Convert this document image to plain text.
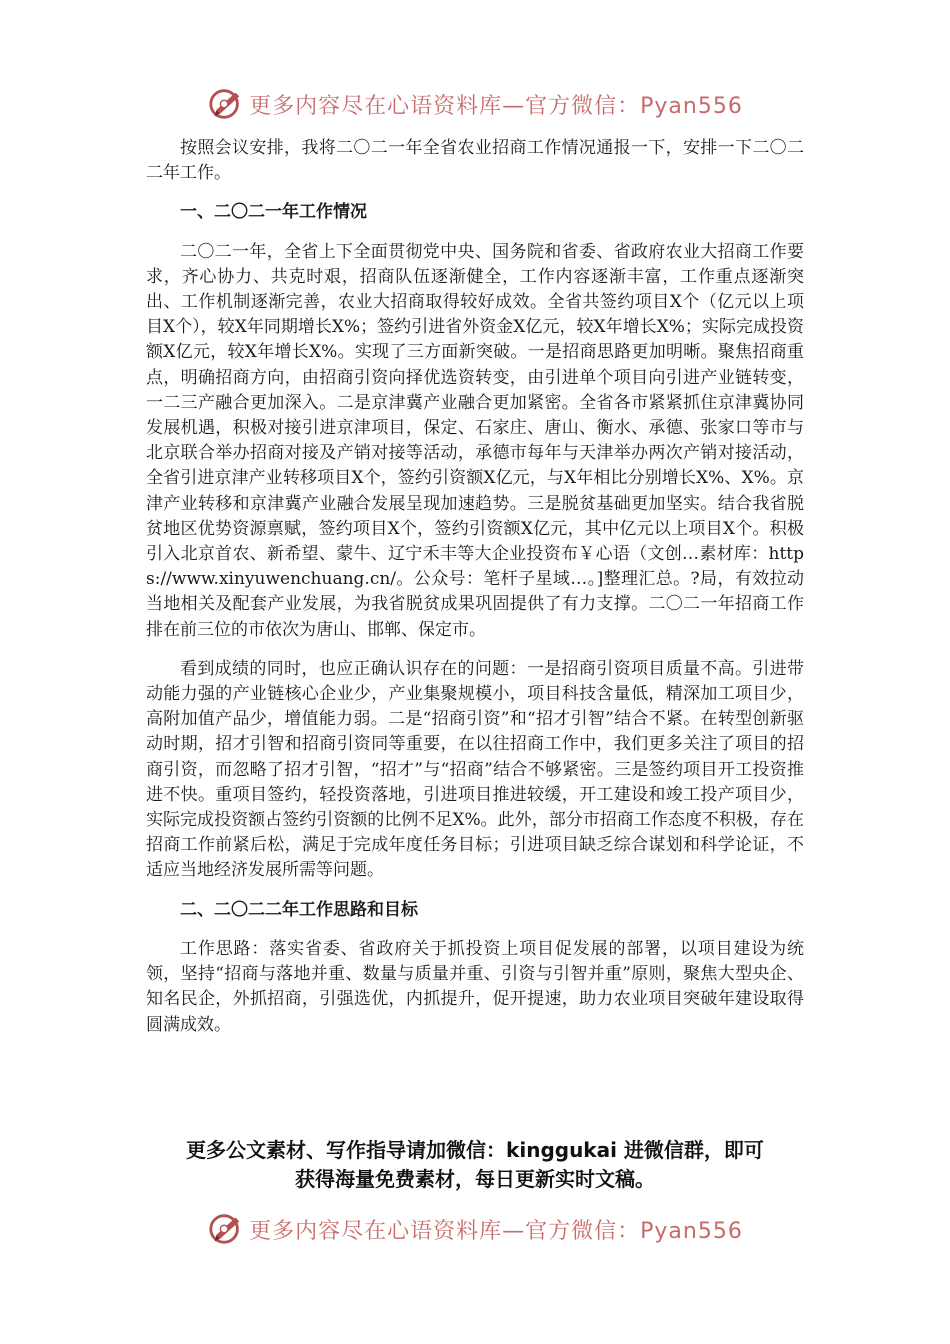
更多内容尽在心语资料库—官方微信：Pyan556

按照会议安排，我将二〇二一年全省农业招商工作情况通报一下，安排一下二〇二二年工作。

一、二〇二一年工作情况

二〇二一年，全省上下全面贯彻党中央、国务院和省委、省政府农业大招商工作要求，齐心协力、共克时艰，招商队伍逐渐健全，工作内容逐渐丰富，工作重点逐渐突出、工作机制逐渐完善，农业大招商取得较好成效。全省共签约项目X个（亿元以上项目X个），较X年同期增长X%；签约引进省外资金X亿元，较X年增长X%；实际完成投资额X亿元，较X年增长X%。实现了三方面新突破。一是招商思路更加明晰。聚焦招商重点，明确招商方向，由招商引资向择优选资转变，由引进单个项目向引进产业链转变，一二三产融合更加深入。二是京津冀产业融合更加紧密。全省各市紧紧抓住京津冀协同发展机遇，积极对接引进京津项目，保定、石家庄、唐山、衡水、承德、张家口等市与北京联合举办招商对接及产销对接等活动，承德市每年与天津举办两次产销对接活动，全省引进京津产业转移项目X个，签约引资额X亿元，与X年相比分别增长X%、X%。京津产业转移和京津冀产业融合发展呈现加速趋势。三是脱贫基础更加坚实。结合我省脱贫地区优势资源禀赋，签约项目X个，签约引资额X亿元，其中亿元以上项目X个。积极引入北京首农、新希望、蒙牛、辽宁禾丰等大企业投资布￥心语（文创…素材库：https://www.xinyuwenchuang.cn/。公众号：笔杆子星域…。]整理汇总。?局，有效拉动当地相关及配套产业发展，为我省脱贫成果巩固提供了有力支撑。二〇二一年招商工作排在前三位的市依次为唐山、邯郸、保定市。

看到成绩的同时，也应正确认识存在的问题：一是招商引资项目质量不高。引进带动能力强的产业链核心企业少，产业集聚规模小，项目科技含量低，精深加工项目少，高附加值产品少，增值能力弱。二是“招商引资”和“招才引智”结合不紧。在转型创新驱动时期，招才引智和招商引资同等重要，在以往招商工作中，我们更多关注了项目的招商引资，而忽略了招才引智，“招才”与“招商”结合不够紧密。三是签约项目开工投资推进不快。重项目签约，轻投资落地，引进项目推进较缓，开工建设和竣工投产项目少，实际完成投资额占签约引资额的比例不足X%。此外，部分市招商工作态度不积极，存在招商工作前紧后松，满足于完成年度任务目标；引进项目缺乏综合谋划和科学论证，不适应当地经济发展所需等问题。

二、二〇二二年工作思路和目标

工作思路：落实省委、省政府关于抓投资上项目促发展的部署，以项目建设为统领，坚持“招商与落地并重、数量与质量并重、引资与引智并重”原则，聚焦大型央企、知名民企，外抓招商，引强选优，内抓提升，促开提速，助力农业项目突破年建设取得圆满成效。

更多公文素材、写作指导请加微信：kinggukai 进微信群，即可
获得海量免费素材，每日更新实时文稿。
更多内容尽在心语资料库—官方微信：Pyan556
